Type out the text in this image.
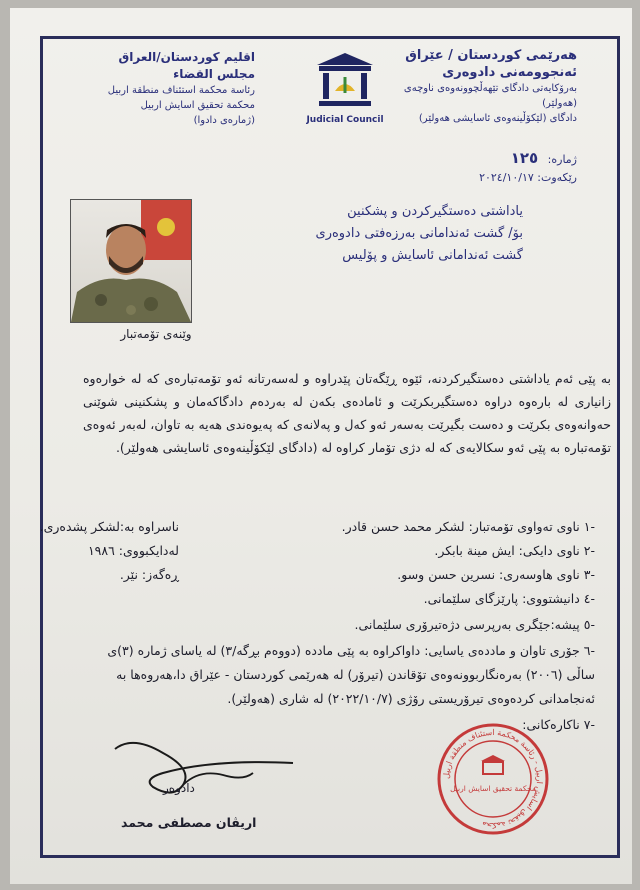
هەرێمی کوردستان / عێراق
ئەنجوومەنی دادوەری
بەرۆکایەتی دادگای تێهەڵچوونەوەی ناوچەی (هەولێر)
دادگای (لێکۆڵینەوەی ئاسایشی هەولێر)
Judicial Council
اقليم كوردستان/العراق
مجلس القضاء
رئاسة محكمة استئناف منطقة اربيل
محكمة تحقيق اسايش اربيل
(ژمارەی دادوا)
ژمارە: ١٢٥
رێکەوت: ٢٠٢٤/١٠/١٧
یاداشتی دەستگیرکردن و پشکنین
بۆ/ گشت ئەندامانی بەرزەفتی دادوەری
گشت ئەندامانی ئاسایش و پۆلیس
وێنەی تۆمەتبار
بە پێی ئەم یاداشتی دەستگیرکردنە، ئێوە ڕێگەتان پێدراوە و لەسەرتانە ئەو تۆمەتبارەی کە لە خوارەوە زانیاری لە بارەوە دراوە دەستگیربکرێت و ئامادەی بکەن لە بەردەم دادگاکەمان و پشکنینی شوێنی حەوانەوەی بکرێت و دەست بگیرێت بەسەر ئەو کەل و پەلانەی کە پەیوەندی هەیە بە تاوان، لەبەر ئەوەی تۆمەتبارە بە پێی ئەو سکالایەی کە لە دژی تۆمار کراوە لە (دادگای لێکۆڵینەوەی ئاسایشی هەولێر).
-١ ناوی تەواوی تۆمەتبار: لشکر محمد حسن قادر.
ناسراوە بە:لشکر پشدەری.
-٢ ناوی دایکی: ایش مینة بابکر.
لەدایکبووی: ١٩٨٦
-٣ ناوی هاوسەری: نسرین حسن وسو.
ڕەگەز: نێر.
-٤ دانیشتووی: پارێزگای سلێمانی.
-٥ پیشە:جێگری بەرپرسی دژەتیرۆری سلێمانی.
-٦ جۆری تاوان و ماددەی یاسایی: داواکراوە بە پێی ماددە (دووەم بڕگە/٣) لە یاسای ژمارە (٣)ی
ساڵی (٢٠٠٦) بەرەنگاربوونەوەی تۆقاندن (تیرۆر) لە هەرێمی کوردستان - عێراق دا،هەروەها بە
ئەنجامدانی کردەوەی تیرۆریستی رۆژی (٢٠٢٢/١٠/٧) لە شاری (هەولێر).
-٧ ناکارەکانی:
دادوەر
اریڤان مصطفى محمد
محكمة تحقيق اسايش اربيل - رئاسة محكمة استئناف منطقة اربيل
محكمة تحقيق اسايش اربيل
